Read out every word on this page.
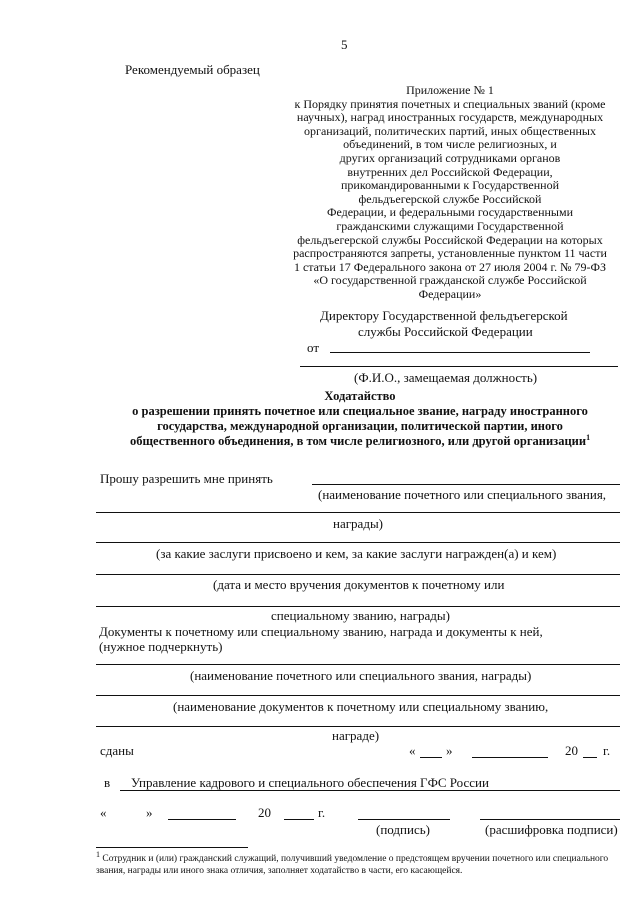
5
Рекомендуемый образец
Приложение № 1
к Порядку принятия почетных и специальных званий (кроме
научных), наград иностранных государств, международных
организаций, политических партий, иных общественных
объединений, в том числе религиозных, и
других организаций сотрудниками органов
внутренних дел Российской Федерации,
прикомандированными к Государственной
фельдъегерской службе Российской
Федерации, и федеральными государственными
гражданскими служащими Государственной
фельдъегерской службы Российской Федерации на которых
распространяются запреты, установленные пунктом 11 части
1 статьи 17 Федерального закона от 27 июля 2004 г. № 79-ФЗ
«О государственной гражданской службе Российской
Федерации»
Директору Государственной фельдъегерской
службы Российской Федерации
от
(Ф.И.О., замещаемая должность)
Ходатайство
о разрешении принять почетное или специальное звание, награду иностранного
государства, международной организации, политической партии, иного
общественного объединения, в том числе религиозного, или другой организации$^1$
Прошу разрешить мне принять
(наименование почетного или специального звания,
награды)
(за какие заслуги присвоено и кем, за какие заслуги награжден(а) и кем)
(дата и место вручения документов к почетному или
специальному званию, награды)
Документы к почетному или специальному званию, награда и документы к ней,
(нужное подчеркнуть)
(наименование почетного или специального звания, награды)
(наименование документов к почетному или специальному званию,
награде)
сданы	« »	20 г.
в Управление кадрового и специального обеспечения ГФС России
«	»	20	г.
(подпись)	(расшифровка подписи)
$^1$ Сотрудник и (или) гражданский служащий, получивший уведомление о предстоящем вручении почетного или специального звания, награды или иного знака отличия, заполняет ходатайство в части, его касающейся.
